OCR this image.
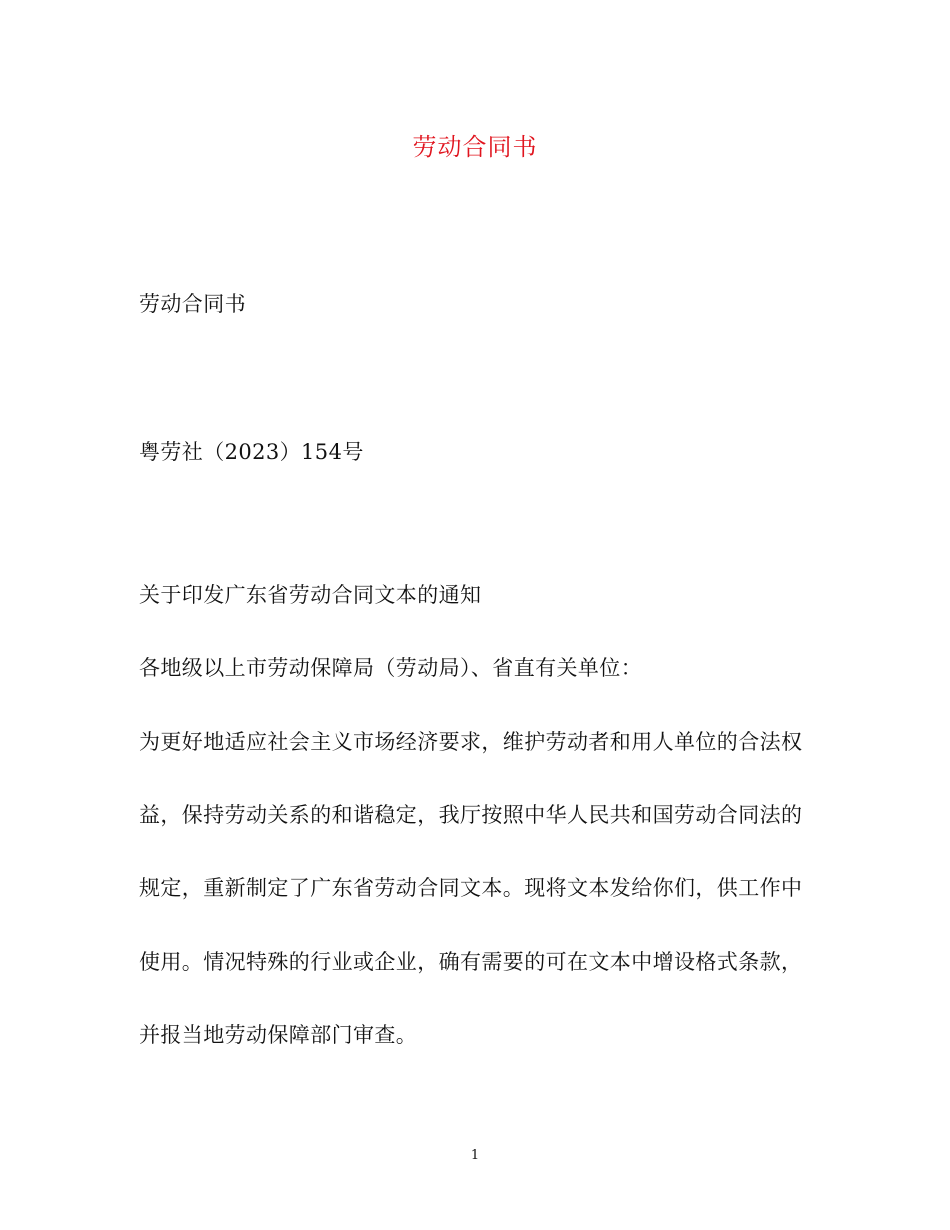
劳动合同书
劳动合同书
粤劳社（2023）154号
关于印发广东省劳动合同文本的通知
各地级以上市劳动保障局（劳动局）、省直有关单位：
为更好地适应社会主义市场经济要求，维护劳动者和用人单位的合法权
益，保持劳动关系的和谐稳定，我厅按照中华人民共和国劳动合同法的
规定，重新制定了广东省劳动合同文本。现将文本发给你们，供工作中
使用。情况特殊的行业或企业，确有需要的可在文本中增设格式条款，
并报当地劳动保障部门审查。
1
